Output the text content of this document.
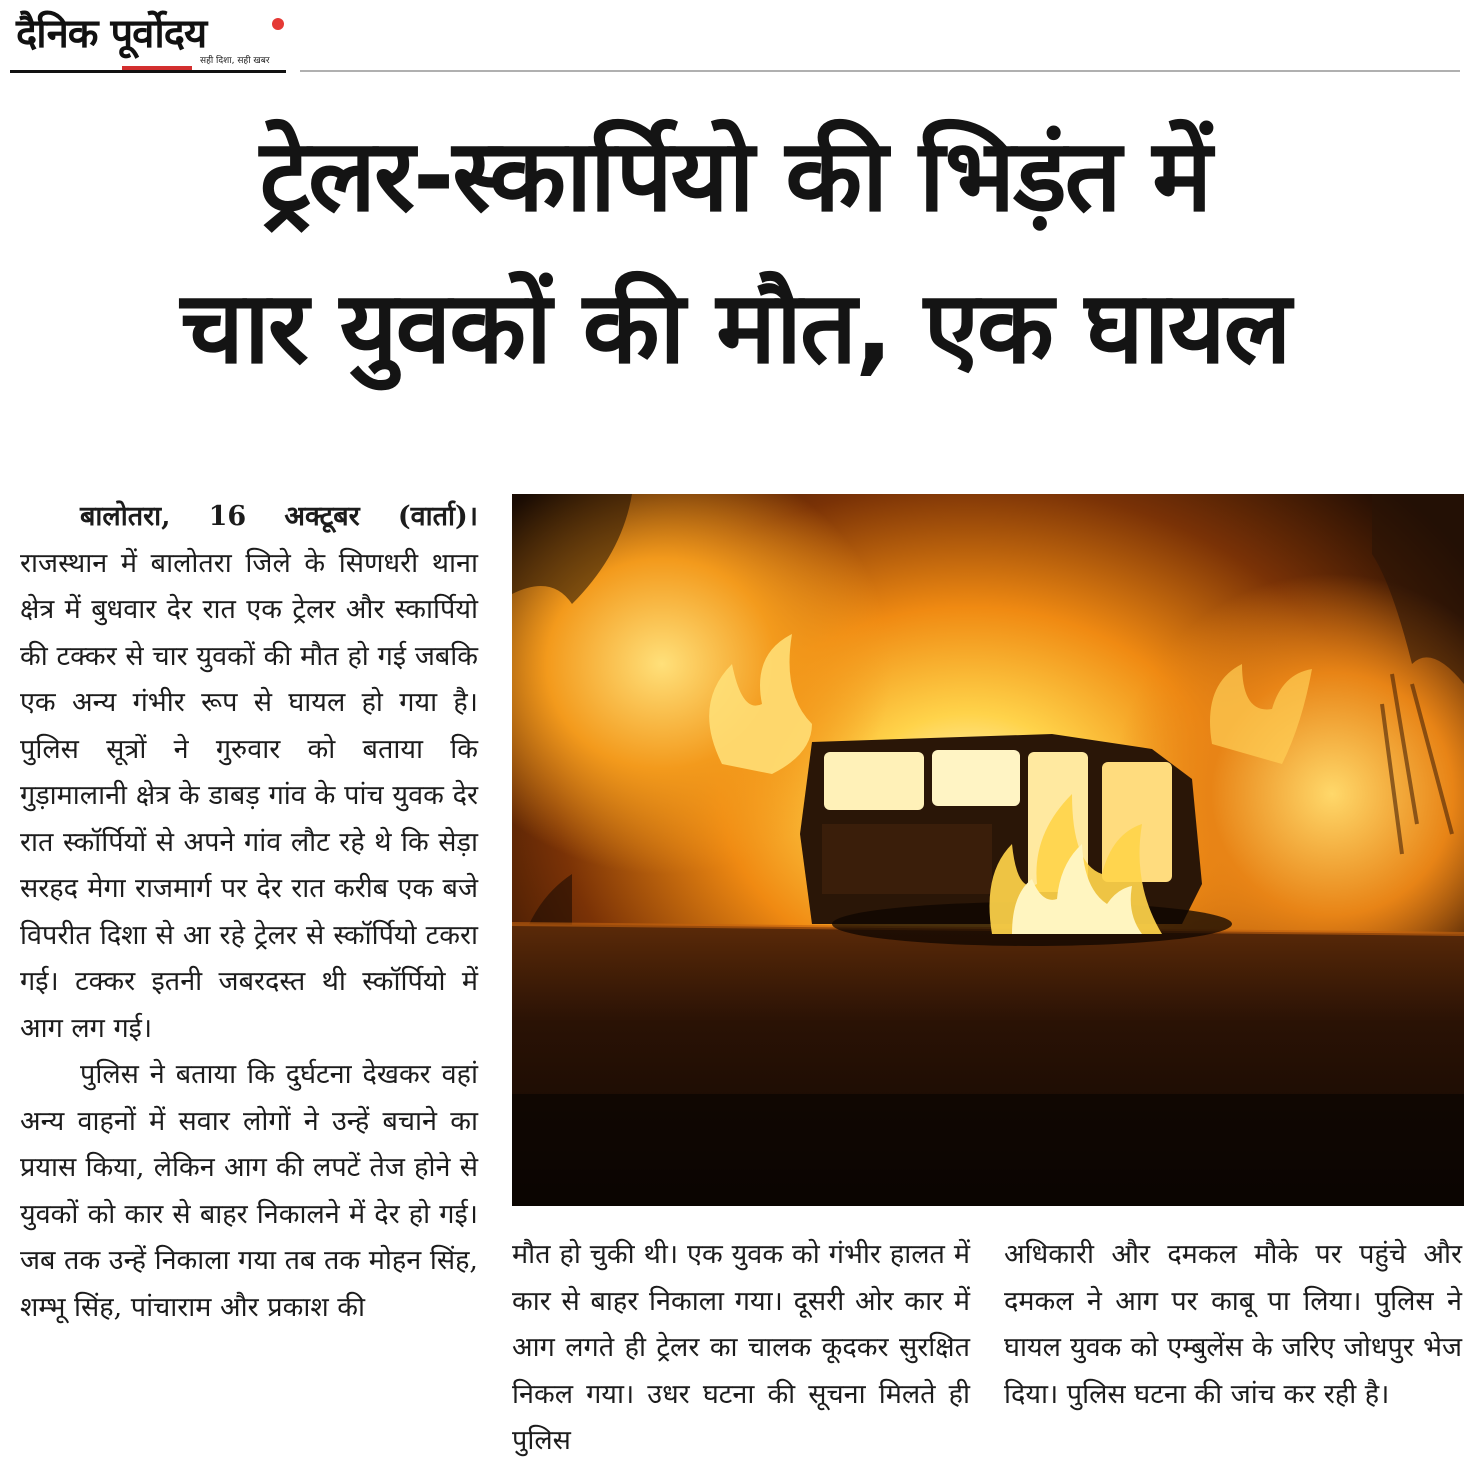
दैनिक पूर्वोदय
सही दिशा, सही खबर
ट्रेलर-स्कार्पियो की भिड़ंत में
चार युवकों की मौत, एक घायल

बालोतरा, 16 अक्टूबर (वार्ता)। राजस्थान में बालोतरा जिले के सिणधरी थाना क्षेत्र में बुधवार देर रात एक ट्रेलर और स्कार्पियो की टक्कर से चार युवकों की मौत हो गई जबकि एक अन्य गंभीर रूप से घायल हो गया है। पुलिस सूत्रों ने गुरुवार को बताया कि गुड़ामालानी क्षेत्र के डाबड़ गांव के पांच युवक देर रात स्कॉर्पियों से अपने गांव लौट रहे थे कि सेड़ा सरहद मेगा राजमार्ग पर देर रात करीब एक बजे विपरीत दिशा से आ रहे ट्रेलर से स्कॉर्पियो टकरा गई। टक्कर इतनी जबरदस्त थी स्कॉर्पियो में आग लग गई।

पुलिस ने बताया कि दुर्घटना देखकर वहां अन्य वाहनों में सवार लोगों ने उन्हें बचाने का प्रयास किया, लेकिन आग की लपटें तेज होने से युवकों को कार से बाहर निकालने में देर हो गई। जब तक उन्हें निकाला गया तब तक मोहन सिंह, शम्भू सिंह, पांचाराम और प्रकाश की

मौत हो चुकी थी। एक युवक को गंभीर हालत में कार से बाहर निकाला गया। दूसरी ओर कार में आग लगते ही ट्रेलर का चालक कूदकर सुरक्षित निकल गया। उधर घटना की सूचना मिलते ही पुलिस

अधिकारी और दमकल मौके पर पहुंचे और दमकल ने आग पर काबू पा लिया। पुलिस ने घायल युवक को एम्बुलेंस के जरिए जोधपुर भेज दिया। पुलिस घटना की जांच कर रही है।
